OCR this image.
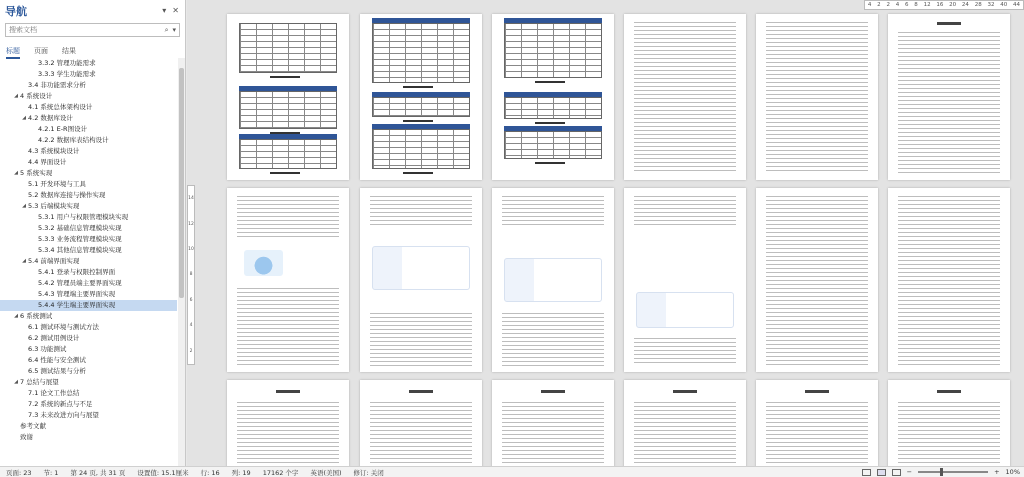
导航	▾ ✕
搜索文档
⌕ ▾
标题 页面 结果
3.3.2 管理功能需求
3.3.3 学生功能需求
3.4 非功能需求分析
◢ 4 系统设计
4.1 系统总体架构设计
◢ 4.2 数据库设计
4.2.1 E-R图设计
4.2.2 数据库表结构设计
4.3 系统模块设计
4.4 界面设计
◢ 5 系统实现
5.1 开发环境与工具
5.2 数据库连接与操作实现
◢ 5.3 后端模块实现
5.3.1 用户与权限管理模块实现
5.3.2 基础信息管理模块实现
5.3.3 业务流程管理模块实现
5.3.4 其他信息管理模块实现
◢ 5.4 前端界面实现
5.4.1 登录与权限控制界面
5.4.2 管理员端主要界面实现
5.4.3 管理端主要界面实现
5.4.4 学生端主要界面实现
◢ 6 系统测试
6.1 测试环境与测试方法
6.2 测试用例设计
6.3 功能测试
6.4 性能与安全测试
6.5 测试结果与分析
◢ 7 总结与展望
7.1 论文工作总结
7.2 系统的新点与不足
7.3 未来改进方向与展望
参考文献
致谢
4 2 2 4 6 8 12 16 20 24 28 32 40 44
14
12
10
8
6
4
2
页面: 23	节: 1	第 24 页, 共 31 页	设置值: 15.1厘米	行: 16	列: 19	17162 个字	英语(美国)	修订: 关闭	−	+ 10%
